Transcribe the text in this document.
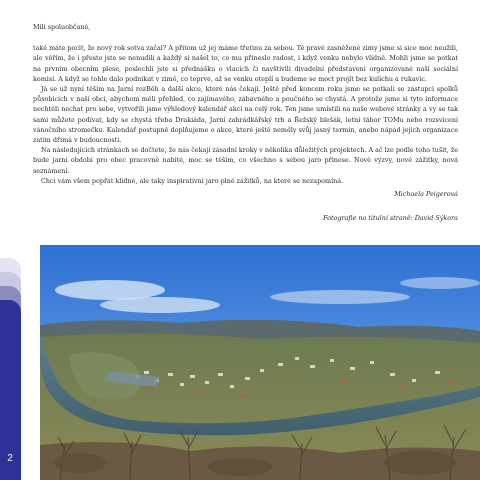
Milí spoluobčané,

také máte pocit, že nový rok sotva začal? A přitom už jej máme třetinu za sebou. Tě pravé zasněžené zimy jsme si sice moc neužili, ale věřím, že i přesto jste se nenudili a každý si našel to, co mu přineslo radost, i když venku nebylo vlídně. Mohli jsme se potkat na prvním obecním plese, poslechli jste si přednášku o vlacích či navštívili divadelní představení organizované naší sociální komisí. A když se tohle dalo podnikat v zimě, co teprve, až se venku oteplí a budeme se moct projít bez kulichu a rukavic.

Já se už nyní těším na Jarní rozBěh a další akce, které nás čekají. Ještě před koncem roku jsme se potkali se zástupci spolků působících v naší obci, abychom měli přehled, co zajímavého, zábavného a poučného se chystá. A protože jsme si tyto informace nechtěli nechat pro sebe, vytvořili jsme výhledový kalendář akcí na celý rok. Ten jsme umístili na naše webové stránky a vy se tak sami můžete podívat, kdy se chystá třeba Drakiáda, Jarní zahrádkářský trh a Řežský blešák, letní tábor TOMu nebo rozsvícení vánočního stromečku. Kalendář postupně doplňujeme o akce, které ještě neměly svůj jasný termín, anebo nápad jejich organizace zatím dřímá v budoucnosti.

Na následujících stránkách se dočtete, že nás čekají zásadní kroky v několika důležitých projektech. A ač lze podle toho tušit, že bude jarní období pro obec pracovně nabité, moc se těším, co všechno s sebou jaro přinese. Nové výzvy, nové zážitky, nová seznámení.

Chci vám všem popřát klidné, ale taky inspirativní jaro plné zážitků, na které se nezapomíná.

Michaela Peigerová

Fotografie na titulní straně: David Sýkora

2
